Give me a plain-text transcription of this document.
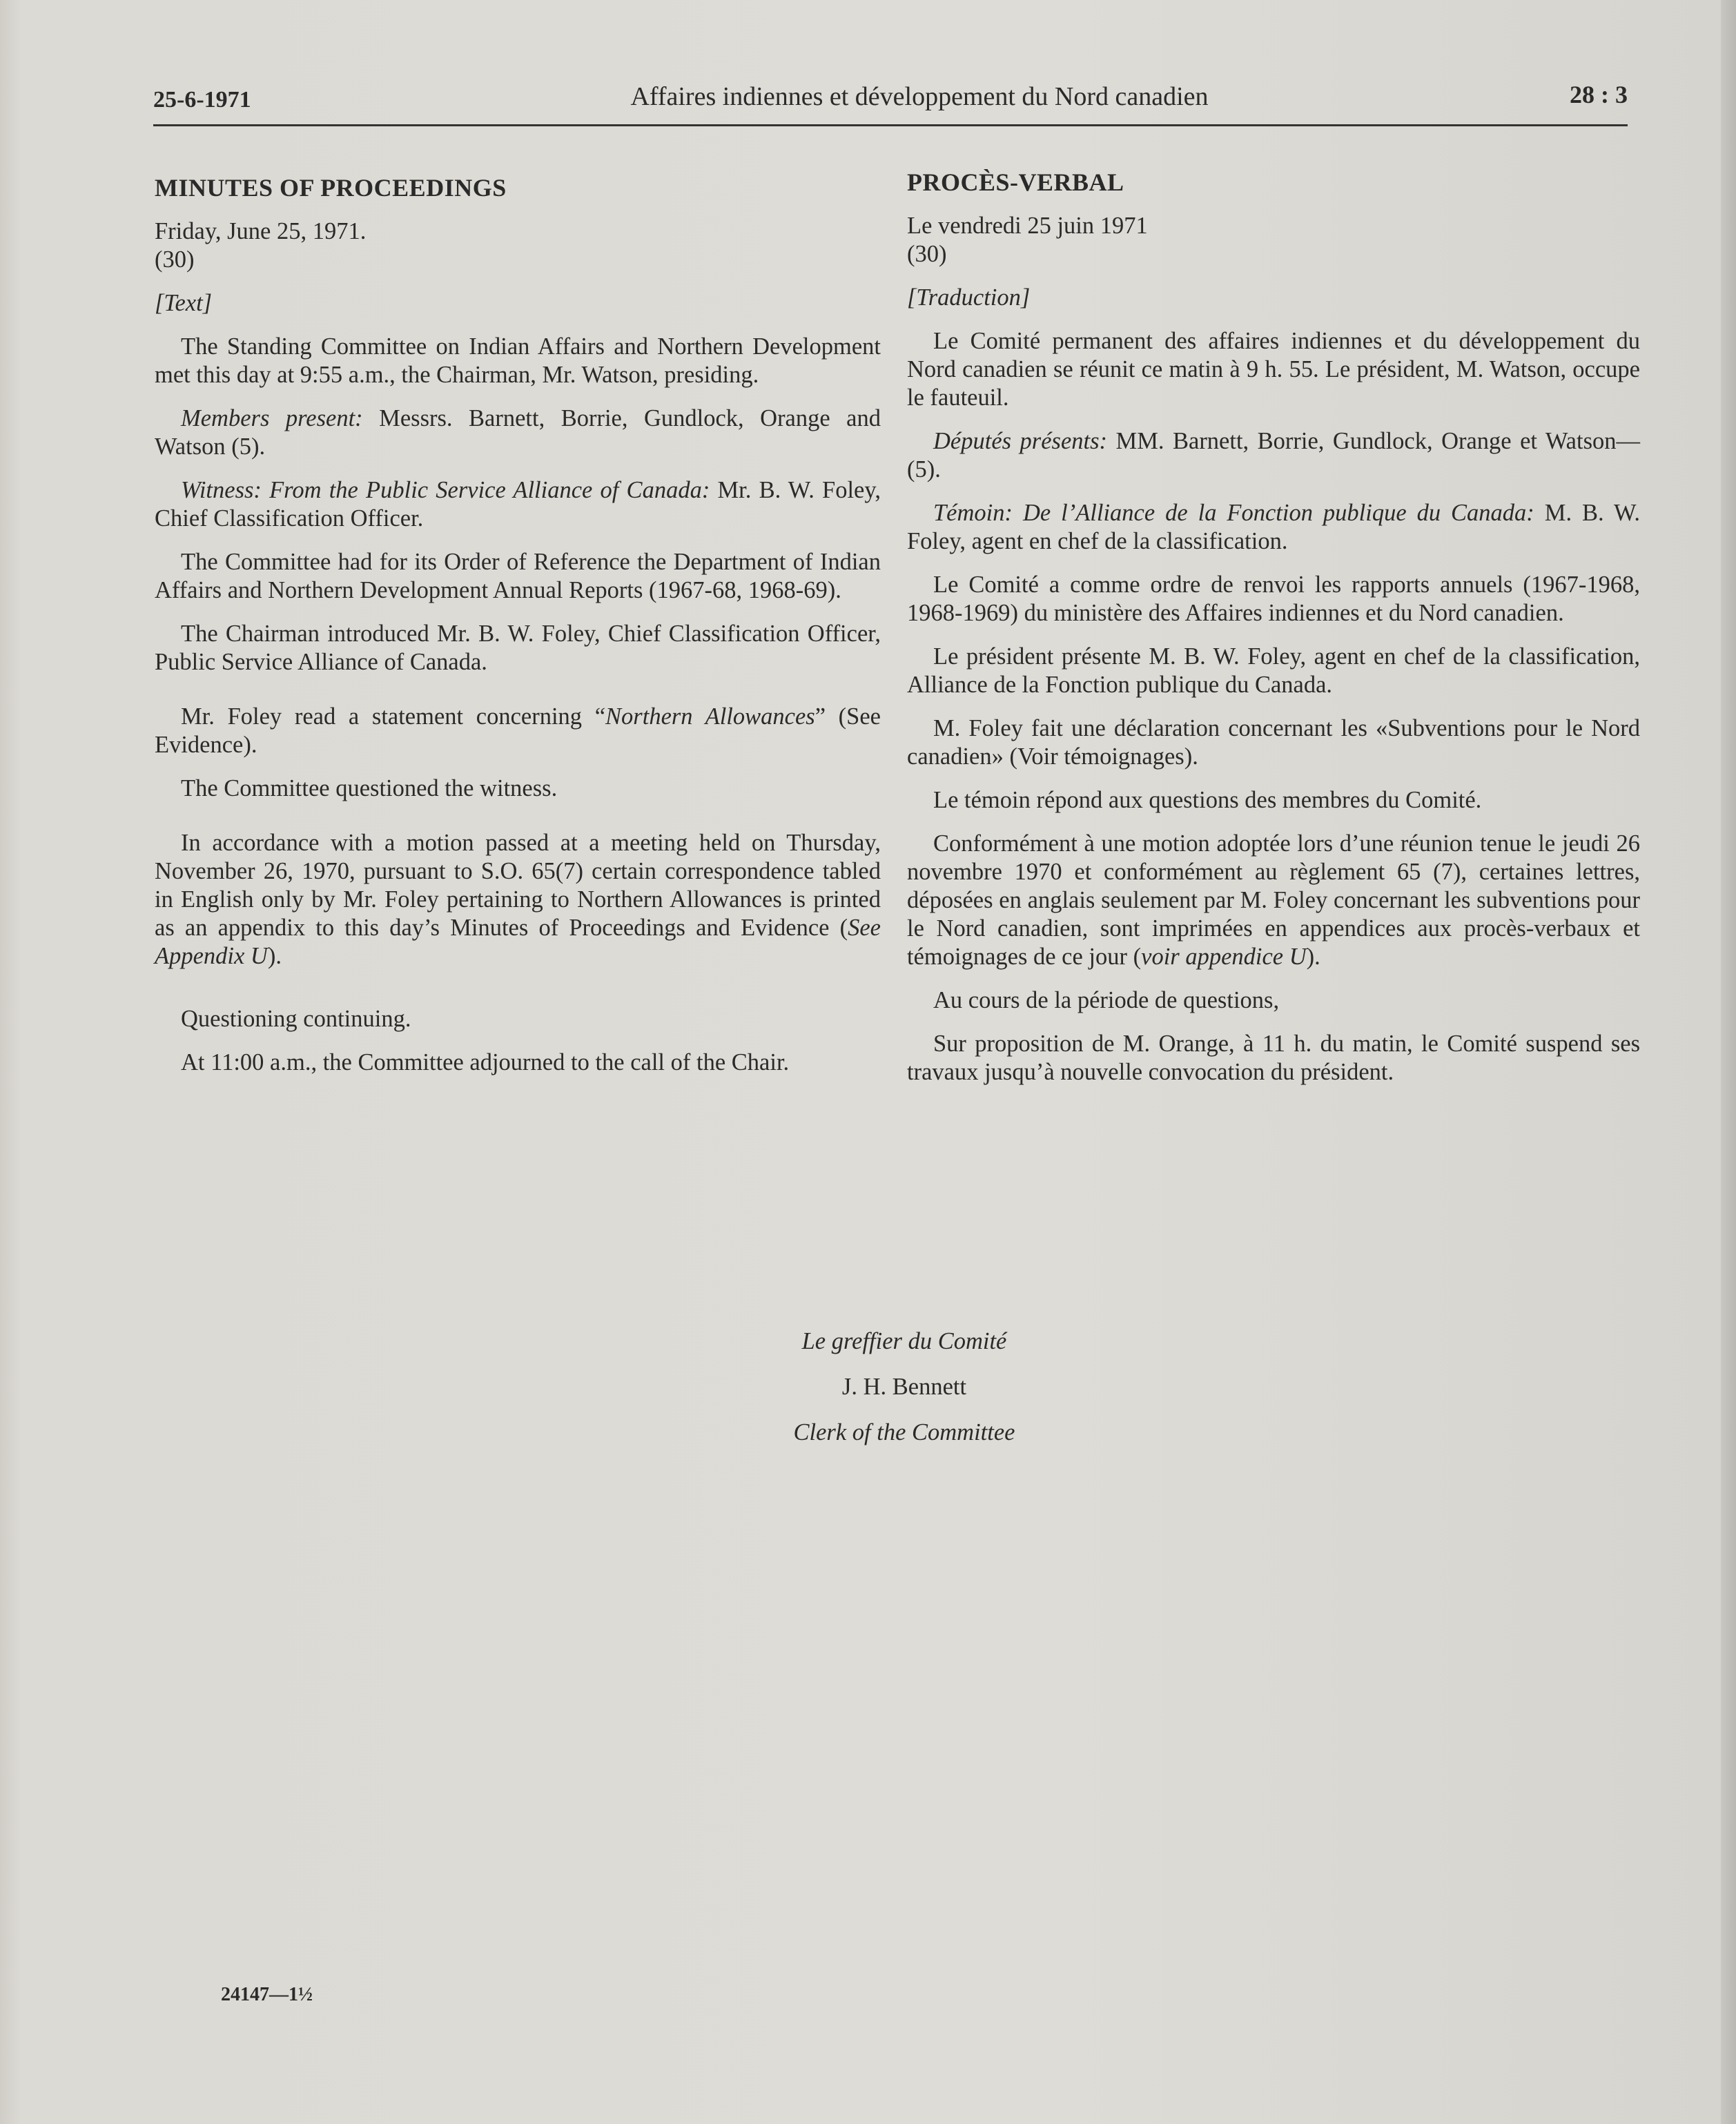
25-6-1971	Affaires indiennes et développement du Nord canadien	28 : 3
MINUTES OF PROCEEDINGS
Friday, June 25, 1971.

(30)

[Text]

The Standing Committee on Indian Affairs and Northern Development met this day at 9:55 a.m., the Chairman, Mr. Watson, presiding.

Members present: Messrs. Barnett, Borrie, Gundlock, Orange and Watson (5).

Witness: From the Public Service Alliance of Canada: Mr. B. W. Foley, Chief Classification Officer.

The Committee had for its Order of Reference the Department of Indian Affairs and Northern Development Annual Reports (1967-68, 1968-69).

The Chairman introduced Mr. B. W. Foley, Chief Classification Officer, Public Service Alliance of Canada.

Mr. Foley read a statement concerning “Northern Allowances” (See Evidence).

The Committee questioned the witness.

In accordance with a motion passed at a meeting held on Thursday, November 26, 1970, pursuant to S.O. 65(7) certain correspondence tabled in English only by Mr. Foley pertaining to Northern Allowances is printed as an appendix to this day’s Minutes of Proceedings and Evidence (See Appendix U).

Questioning continuing.

At 11:00 a.m., the Committee adjourned to the call of the Chair.

PROCÈS-VERBAL
Le vendredi 25 juin 1971

(30)

[Traduction]

Le Comité permanent des affaires indiennes et du développement du Nord canadien se réunit ce matin à 9 h. 55. Le président, M. Watson, occupe le fauteuil.

Députés présents: MM. Barnett, Borrie, Gundlock, Orange et Watson—(5).

Témoin: De l’Alliance de la Fonction publique du Canada: M. B. W. Foley, agent en chef de la classification.

Le Comité a comme ordre de renvoi les rapports annuels (1967-1968, 1968-1969) du ministère des Affaires indiennes et du Nord canadien.

Le président présente M. B. W. Foley, agent en chef de la classification, Alliance de la Fonction publique du Canada.

M. Foley fait une déclaration concernant les «Subventions pour le Nord canadien» (Voir témoignages).

Le témoin répond aux questions des membres du Comité.

Conformément à une motion adoptée lors d’une réunion tenue le jeudi 26 novembre 1970 et conformément au règlement 65 (7), certaines lettres, déposées en anglais seulement par M. Foley concernant les subventions pour le Nord canadien, sont imprimées en appendices aux procès-verbaux et témoignages de ce jour (voir appendice U).

Au cours de la période de questions,

Sur proposition de M. Orange, à 11 h. du matin, le Comité suspend ses travaux jusqu’à nouvelle convocation du président.

Le greffier du Comité
J. H. Bennett
Clerk of the Committee
24147—1½
